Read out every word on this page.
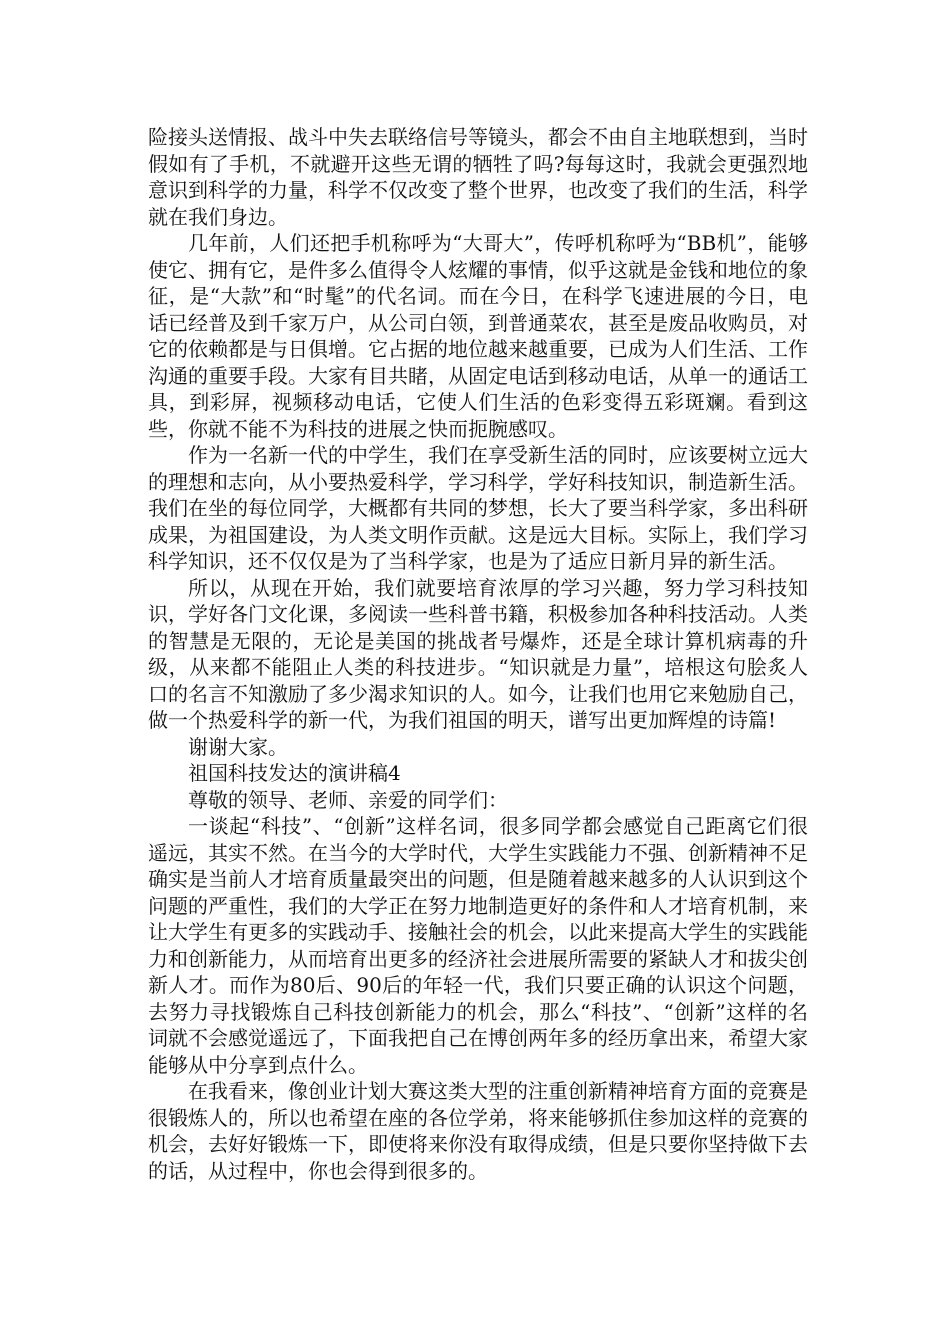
险接头送情报、战斗中失去联络信号等镜头，都会不由自主地联想到，当时假如有了手机，不就避开这些无谓的牺牲了吗?每每这时，我就会更强烈地意识到科学的力量，科学不仅改变了整个世界，也改变了我们的生活，科学就在我们身边。

几年前，人们还把手机称呼为“大哥大”，传呼机称呼为“BB机”，能够使它、拥有它，是件多么值得令人炫耀的事情，似乎这就是金钱和地位的象征，是“大款”和“时髦”的代名词。而在今日，在科学飞速进展的今日，电话已经普及到千家万户，从公司白领，到普通菜农，甚至是废品收购员，对它的依赖都是与日俱增。它占据的地位越来越重要，已成为人们生活、工作沟通的重要手段。大家有目共睹，从固定电话到移动电话，从单一的通话工具，到彩屏，视频移动电话，它使人们生活的色彩变得五彩斑斓。看到这些，你就不能不为科技的进展之快而扼腕感叹。

作为一名新一代的中学生，我们在享受新生活的同时，应该要树立远大的理想和志向，从小要热爱科学，学习科学，学好科技知识，制造新生活。我们在坐的每位同学，大概都有共同的梦想，长大了要当科学家，多出科研成果，为祖国建设，为人类文明作贡献。这是远大目标。实际上，我们学习科学知识，还不仅仅是为了当科学家，也是为了适应日新月异的新生活。

所以，从现在开始，我们就要培育浓厚的学习兴趣，努力学习科技知识，学好各门文化课，多阅读一些科普书籍，积极参加各种科技活动。人类的智慧是无限的，无论是美国的挑战者号爆炸，还是全球计算机病毒的升级，从来都不能阻止人类的科技进步。“知识就是力量”，培根这句脍炙人口的名言不知激励了多少渴求知识的人。如今，让我们也用它来勉励自己，做一个热爱科学的新一代，为我们祖国的明天，谱写出更加辉煌的诗篇!

谢谢大家。

祖国科技发达的演讲稿4

尊敬的领导、老师、亲爱的同学们：

一谈起“科技”、“创新”这样名词，很多同学都会感觉自己距离它们很遥远，其实不然。在当今的大学时代，大学生实践能力不强、创新精神不足确实是当前人才培育质量最突出的问题，但是随着越来越多的人认识到这个问题的严重性，我们的大学正在努力地制造更好的条件和人才培育机制，来让大学生有更多的实践动手、接触社会的机会，以此来提高大学生的实践能力和创新能力，从而培育出更多的经济社会进展所需要的紧缺人才和拔尖创新人才。而作为80后、90后的年轻一代，我们只要正确的认识这个问题，去努力寻找锻炼自己科技创新能力的机会，那么“科技”、“创新”这样的名词就不会感觉遥远了，下面我把自己在博创两年多的经历拿出来，希望大家能够从中分享到点什么。

在我看来，像创业计划大赛这类大型的注重创新精神培育方面的竞赛是很锻炼人的，所以也希望在座的各位学弟，将来能够抓住参加这样的竞赛的机会，去好好锻炼一下，即使将来你没有取得成绩，但是只要你坚持做下去的话，从过程中，你也会得到很多的。
